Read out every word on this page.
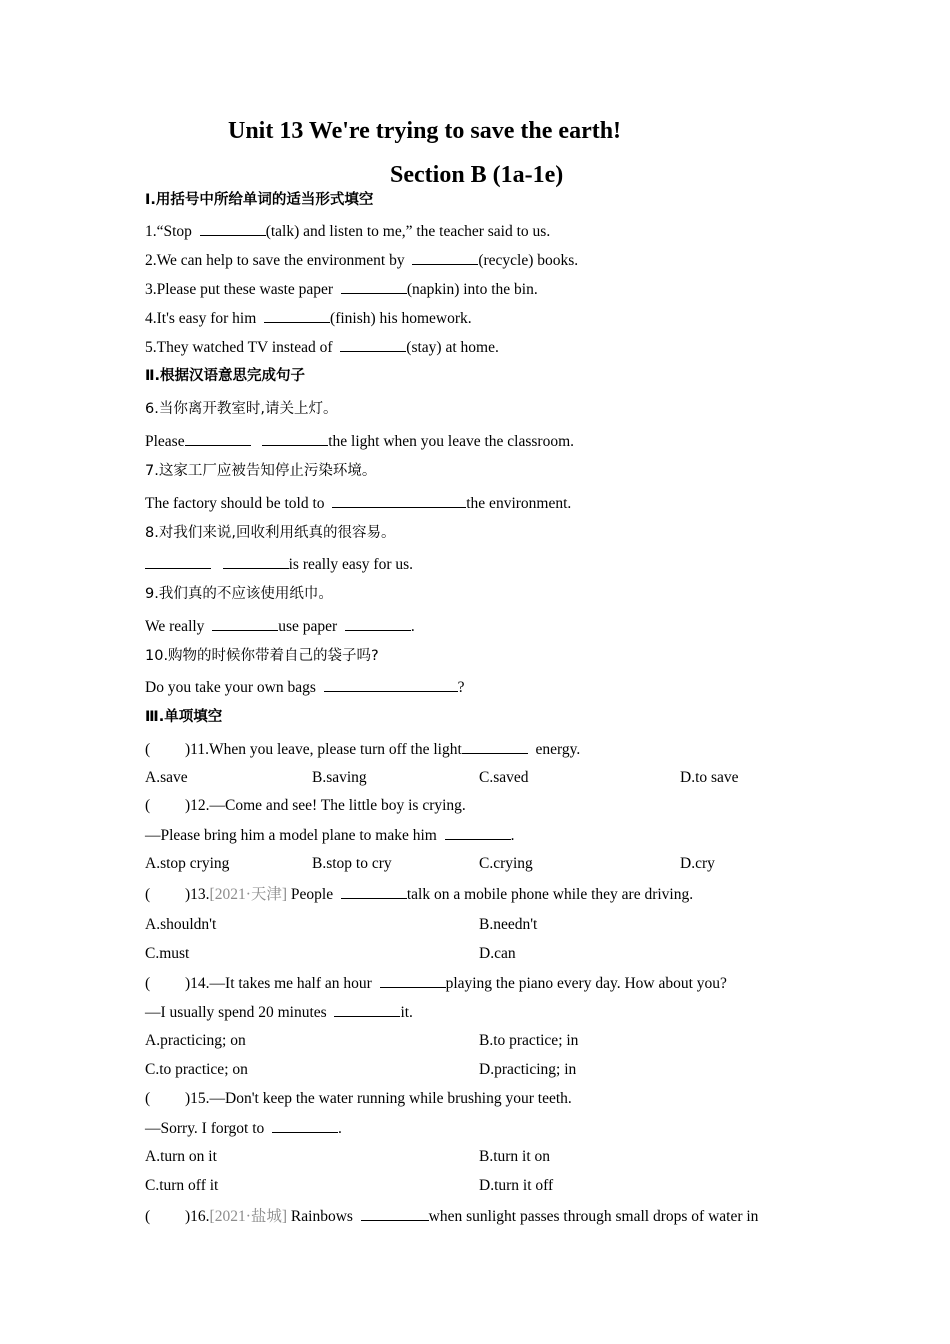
Unit 13 We're trying to save the earth!
Section B (1a-1e)
Ⅰ.用括号中所给单词的适当形式填空
1.“Stop	(talk) and listen to me,” the teacher said to us.
2.We can help to save the environment by	(recycle) books.
3.Please put these waste paper	(napkin) into the bin.
4.It's easy for him	(finish) his homework.
5.They watched TV instead of	(stay) at home.
Ⅱ.根据汉语意思完成句子
6.当你离开教室时,请关上灯。
Please	the light when you leave the classroom.
7.这家工厂应被告知停止污染环境。
The factory should be told to	the environment.
8.对我们来说,回收利用纸真的很容易。
is really easy for us.
9.我们真的不应该使用纸巾。
We really	use paper	.
10.购物的时候你带着自己的袋子吗?
Do you take your own bags	?
Ⅲ.单项填空
( )11.When you leave, please turn off the light	energy.
A.save	B.saving	C.saved	D.to save
( )12.—Come and see! The little boy is crying.
—Please bring him a model plane to make him	.
A.stop crying	B.stop to cry	C.crying	D.cry
( )13.[2021·天津] People	talk on a mobile phone while they are driving.
A.shouldn't	B.needn't
C.must	D.can
( )14.—It takes me half an hour	playing the piano every day. How about you?
—I usually spend 20 minutes	it.
A.practicing; on	B.to practice; in
C.to practice; on	D.practicing; in
( )15.—Don't keep the water running while brushing your teeth.
—Sorry. I forgot to	.
A.turn on it	B.turn it on
C.turn off it	D.turn it off
( )16.[2021·盐城] Rainbows	when sunlight passes through small drops of water in
